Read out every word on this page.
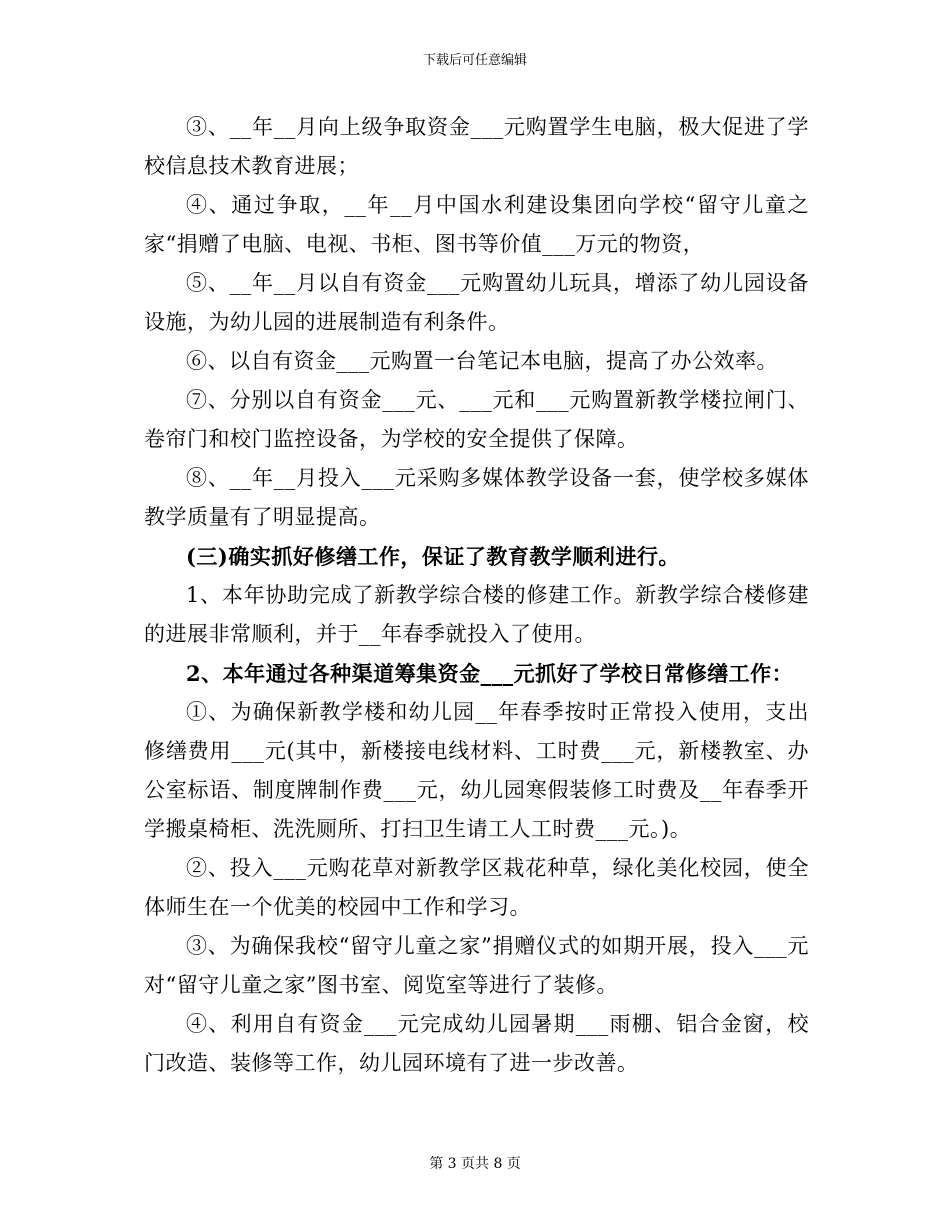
下载后可任意编辑

③、__年__月向上级争取资金___元购置学生电脑，极大促进了学校信息技术教育进展；

④、通过争取，__年__月中国水利建设集团向学校“留守儿童之家“捐赠了电脑、电视、书柜、图书等价值___万元的物资，

⑤、__年__月以自有资金___元购置幼儿玩具，增添了幼儿园设备设施，为幼儿园的进展制造有利条件。

⑥、以自有资金___元购置一台笔记本电脑，提高了办公效率。

⑦、分别以自有资金___元、___元和___元购置新教学楼拉闸门、卷帘门和校门监控设备，为学校的安全提供了保障。

⑧、__年__月投入___元采购多媒体教学设备一套，使学校多媒体教学质量有了明显提高。

(三)确实抓好修缮工作，保证了教育教学顺利进行。

1、本年协助完成了新教学综合楼的修建工作。新教学综合楼修建的进展非常顺利，并于__年春季就投入了使用。

2、本年通过各种渠道筹集资金___元抓好了学校日常修缮工作：

①、为确保新教学楼和幼儿园__年春季按时正常投入使用，支出修缮费用___元(其中，新楼接电线材料、工时费___元，新楼教室、办公室标语、制度牌制作费___元，幼儿园寒假装修工时费及__年春季开学搬桌椅柜、洗洗厕所、打扫卫生请工人工时费___元。)。

②、投入___元购花草对新教学区栽花种草，绿化美化校园，使全体师生在一个优美的校园中工作和学习。

③、为确保我校“留守儿童之家”捐赠仪式的如期开展，投入___元对“留守儿童之家”图书室、阅览室等进行了装修。

④、利用自有资金___元完成幼儿园暑期___雨棚、铝合金窗，校门改造、装修等工作，幼儿园环境有了进一步改善。

第 3 页共 8 页
